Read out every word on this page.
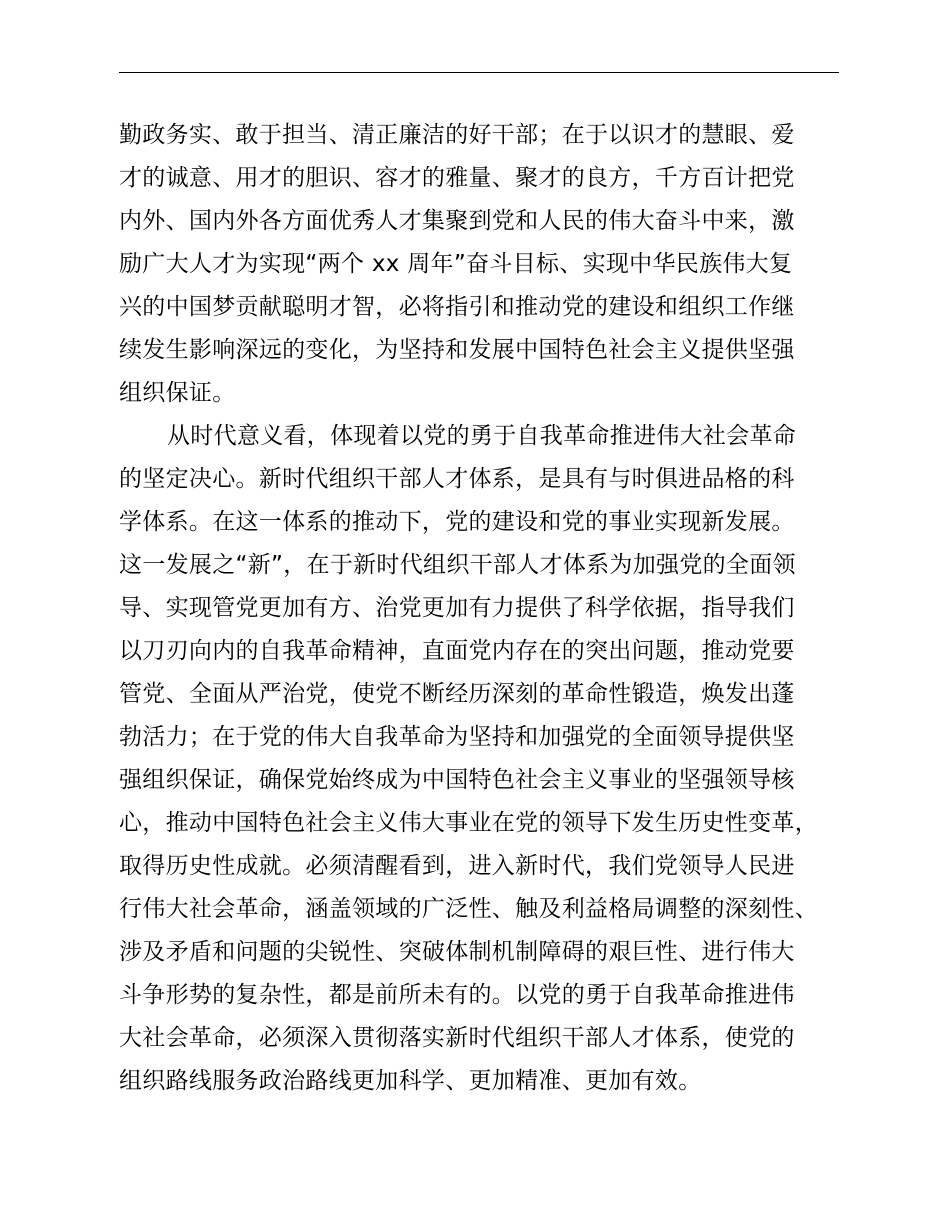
勤政务实、敢于担当、清正廉洁的好干部；在于以识才的慧眼、爱
才的诚意、用才的胆识、容才的雅量、聚才的良方，千方百计把党
内外、国内外各方面优秀人才集聚到党和人民的伟大奋斗中来，激
励广大人才为实现“两个 xx 周年”奋斗目标、实现中华民族伟大复
兴的中国梦贡献聪明才智，必将指引和推动党的建设和组织工作继
续发生影响深远的变化，为坚持和发展中国特色社会主义提供坚强
组织保证。
从时代意义看，体现着以党的勇于自我革命推进伟大社会革命
的坚定决心。新时代组织干部人才体系，是具有与时俱进品格的科
学体系。在这一体系的推动下，党的建设和党的事业实现新发展。
这一发展之“新”，在于新时代组织干部人才体系为加强党的全面领
导、实现管党更加有方、治党更加有力提供了科学依据，指导我们
以刀刃向内的自我革命精神，直面党内存在的突出问题，推动党要
管党、全面从严治党，使党不断经历深刻的革命性锻造，焕发出蓬
勃活力；在于党的伟大自我革命为坚持和加强党的全面领导提供坚
强组织保证，确保党始终成为中国特色社会主义事业的坚强领导核
心，推动中国特色社会主义伟大事业在党的领导下发生历史性变革，
取得历史性成就。必须清醒看到，进入新时代，我们党领导人民进
行伟大社会革命，涵盖领域的广泛性、触及利益格局调整的深刻性、
涉及矛盾和问题的尖锐性、突破体制机制障碍的艰巨性、进行伟大
斗争形势的复杂性，都是前所未有的。以党的勇于自我革命推进伟
大社会革命，必须深入贯彻落实新时代组织干部人才体系，使党的
组织路线服务政治路线更加科学、更加精准、更加有效。
